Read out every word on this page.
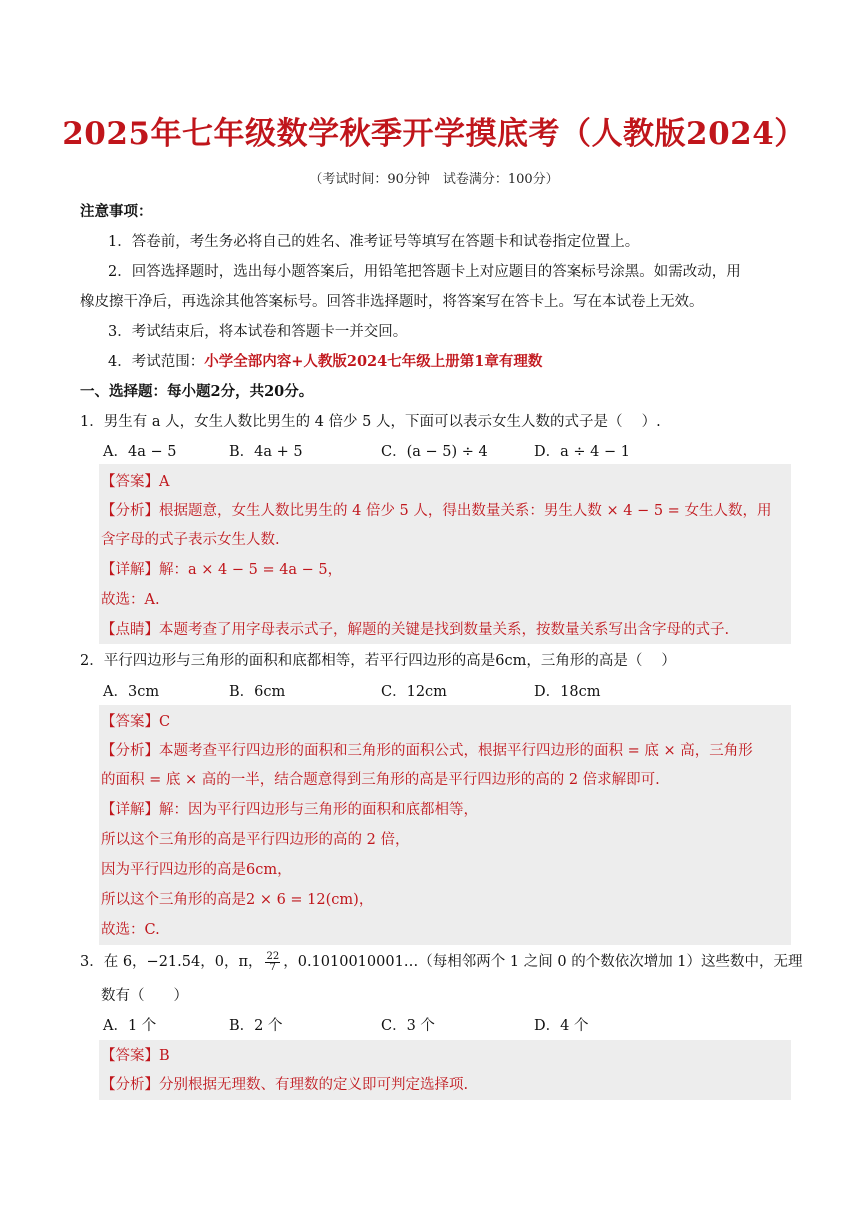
2025年七年级数学秋季开学摸底考（人教版2024）
（考试时间：90分钟　试卷满分：100分）
注意事项：
1．答卷前，考生务必将自己的姓名、准考证号等填写在答题卡和试卷指定位置上。
2．回答选择题时，选出每小题答案后，用铅笔把答题卡上对应题目的答案标号涂黑。如需改动，用
橡皮擦干净后，再选涂其他答案标号。回答非选择题时，将答案写在答卡上。写在本试卷上无效。
3．考试结束后，将本试卷和答题卡一并交回。
4．考试范围：小学全部内容+人教版2024七年级上册第1章有理数
一、选择题：每小题2分，共20分。
1．男生有 a 人，女生人数比男生的 4 倍少 5 人，下面可以表示女生人数的式子是（　 ）.
A．4a − 5	B．4a + 5	C．(a − 5) ÷ 4	D．a ÷ 4 − 1
【答案】A
【分析】根据题意，女生人数比男生的 4 倍少 5 人，得出数量关系：男生人数 × 4 − 5 = 女生人数，用
含字母的式子表示女生人数.
【详解】解：a × 4 − 5 = 4a − 5，
故选：A.
【点睛】本题考查了用字母表示式子，解题的关键是找到数量关系，按数量关系写出含字母的式子.
2．平行四边形与三角形的面积和底都相等，若平行四边形的高是6cm，三角形的高是（　 ）
A．3cm	B．6cm	C．12cm	D．18cm
【答案】C
【分析】本题考查平行四边形的面积和三角形的面积公式，根据平行四边形的面积 = 底 × 高，三角形
的面积 = 底 × 高的一半，结合题意得到三角形的高是平行四边形的高的 2 倍求解即可.
【详解】解：因为平行四边形与三角形的面积和底都相等，
所以这个三角形的高是平行四边形的高的 2 倍，
因为平行四边形的高是6cm，
所以这个三角形的高是2 × 6 = 12(cm)，
故选：C.
3．在 6，−21.54，0，π， $\frac{22}{7}$ ，0.1010010001…（每相邻两个 1 之间 0 的个数依次增加 1）这些数中，无理
数有（　　）
A．1 个	B．2 个	C．3 个	D．4 个
【答案】B
【分析】分别根据无理数、有理数的定义即可判定选择项.
